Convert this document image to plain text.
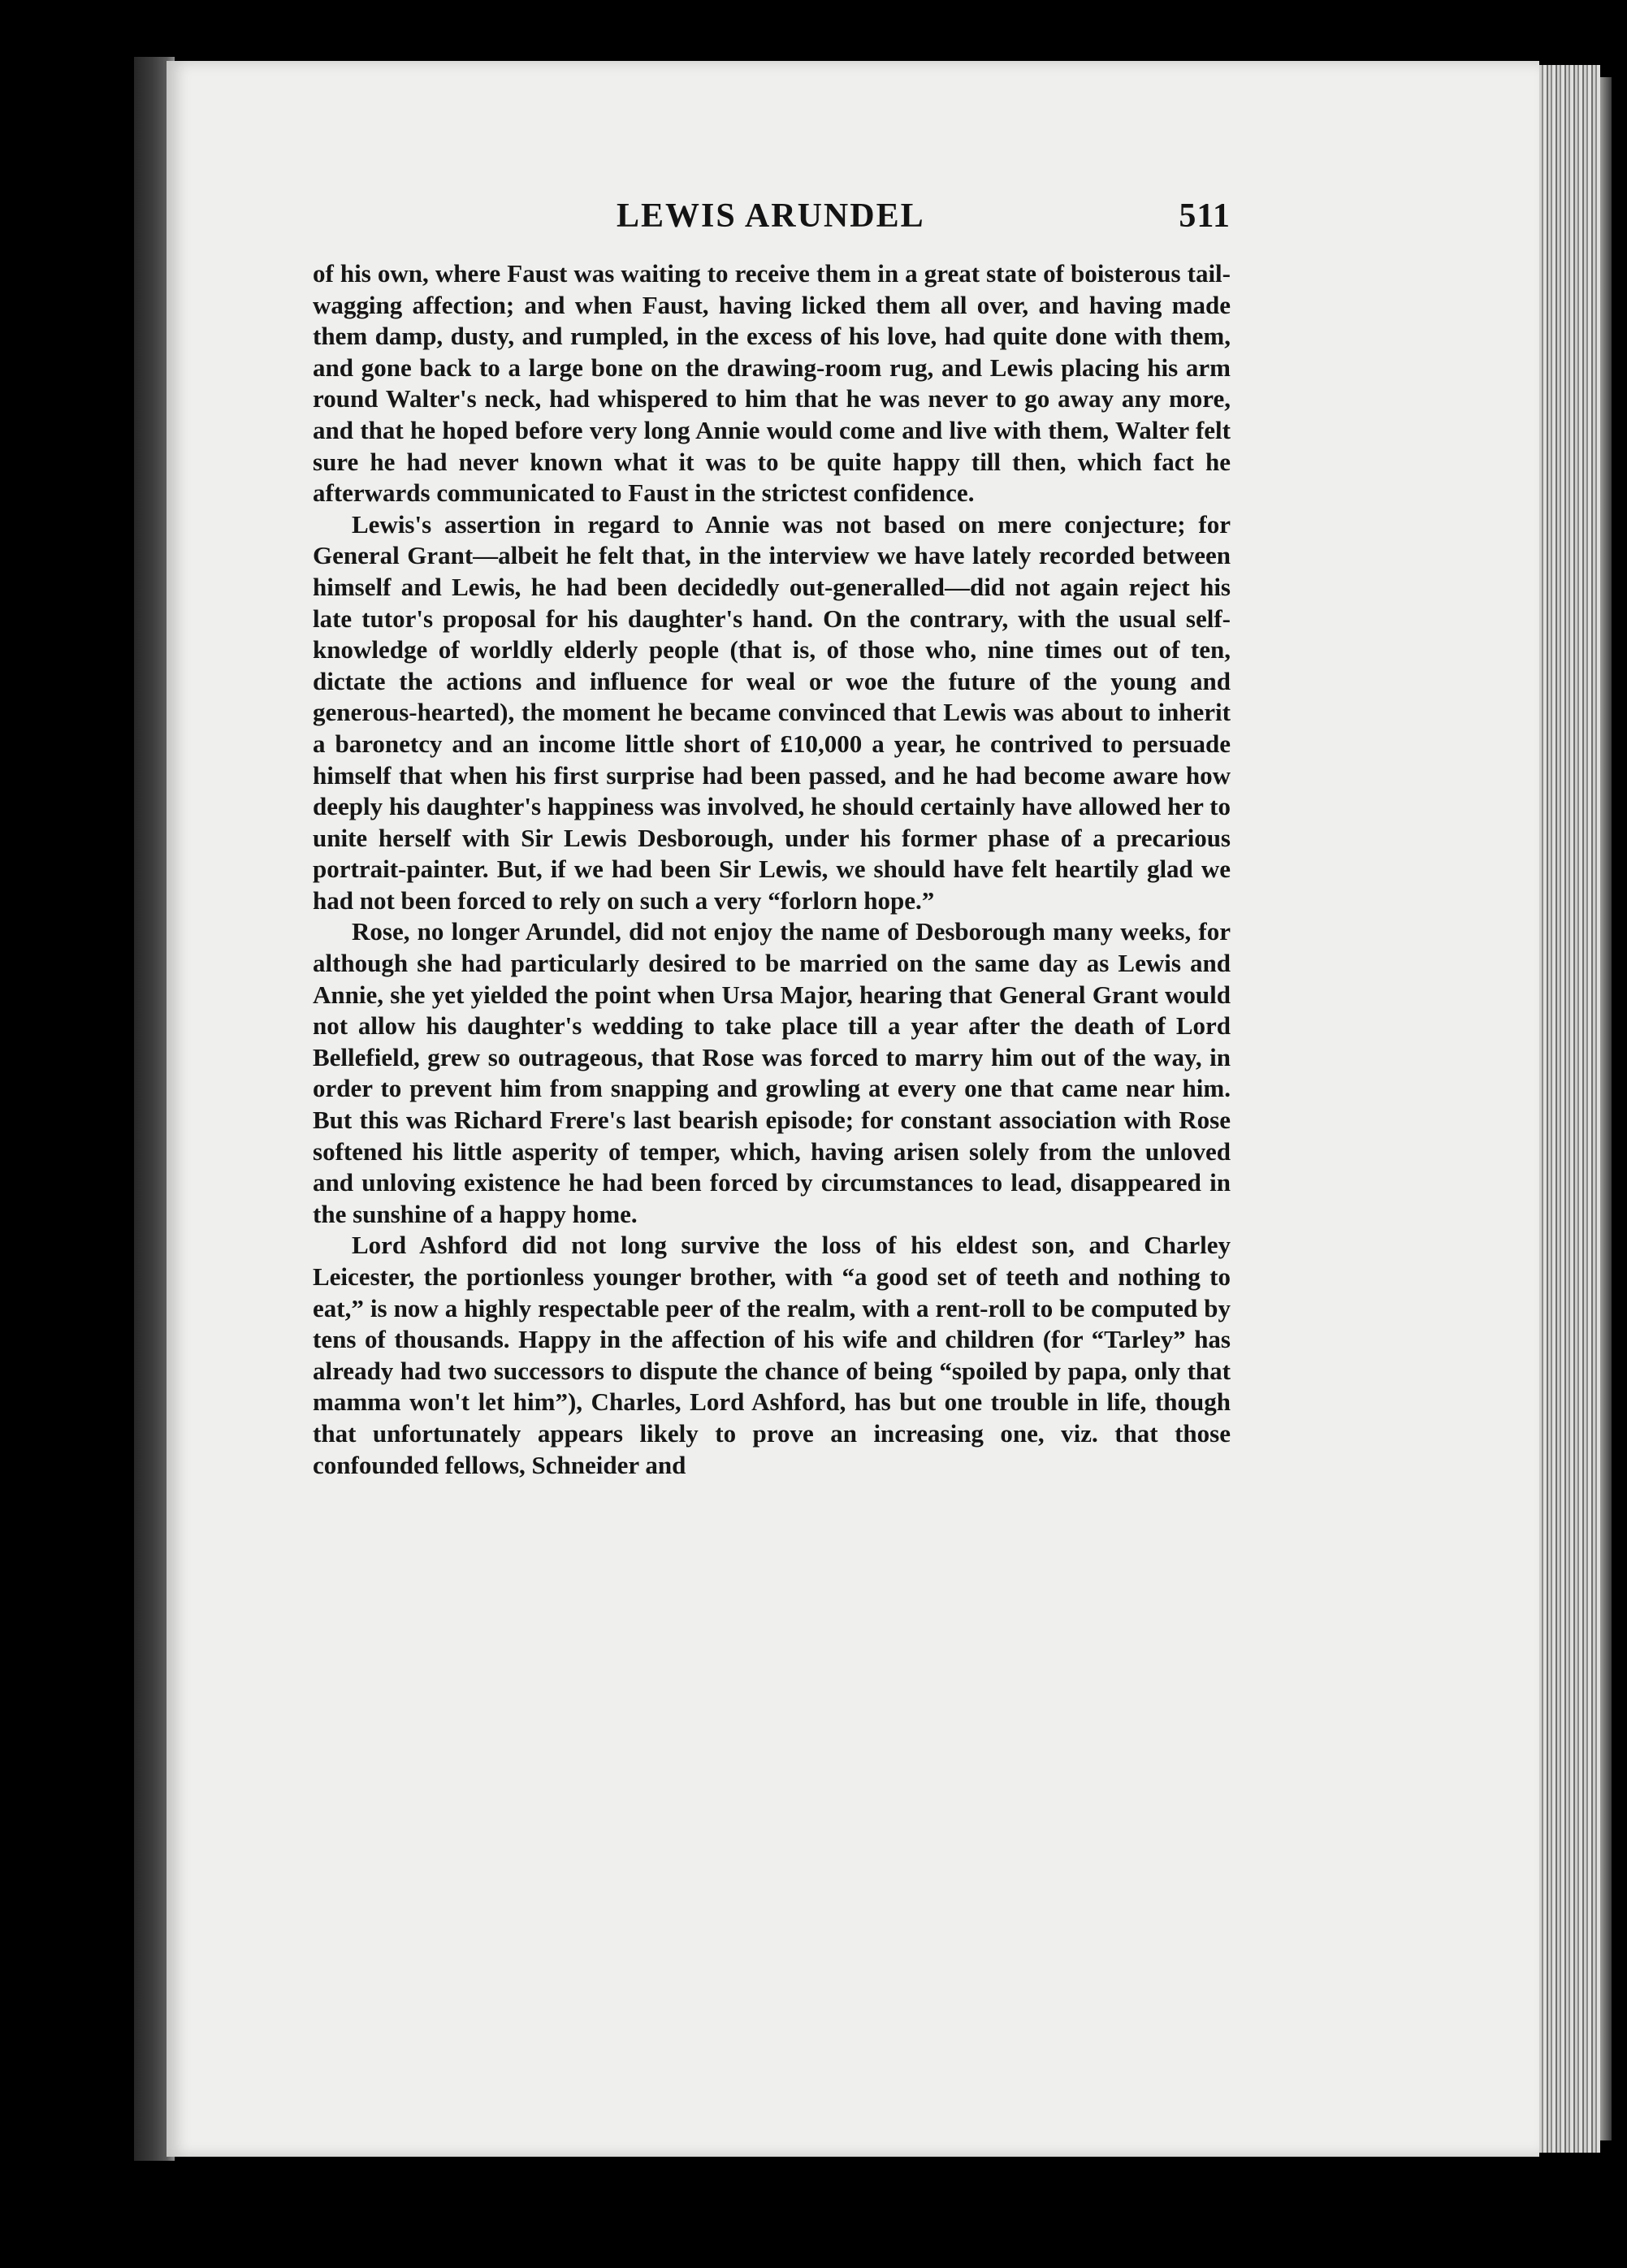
LEWIS ARUNDEL	511

of his own, where Faust was waiting to receive them in a great state of boisterous tail-wagging affection; and when Faust, having licked them all over, and having made them damp, dusty, and rumpled, in the excess of his love, had quite done with them, and gone back to a large bone on the drawing-room rug, and Lewis placing his arm round Walter's neck, had whispered to him that he was never to go away any more, and that he hoped before very long Annie would come and live with them, Walter felt sure he had never known what it was to be quite happy till then, which fact he afterwards communicated to Faust in the strictest confidence.

Lewis's assertion in regard to Annie was not based on mere conjecture; for General Grant—albeit he felt that, in the interview we have lately recorded between himself and Lewis, he had been decidedly out-generalled—did not again reject his late tutor's proposal for his daughter's hand. On the contrary, with the usual self-knowledge of worldly elderly people (that is, of those who, nine times out of ten, dictate the actions and influence for weal or woe the future of the young and generous-hearted), the moment he became convinced that Lewis was about to inherit a baronetcy and an income little short of £10,000 a year, he contrived to persuade himself that when his first surprise had been passed, and he had become aware how deeply his daughter's happiness was involved, he should certainly have allowed her to unite herself with Sir Lewis Desborough, under his former phase of a precarious portrait-painter. But, if we had been Sir Lewis, we should have felt heartily glad we had not been forced to rely on such a very “forlorn hope.”

Rose, no longer Arundel, did not enjoy the name of Desborough many weeks, for although she had particularly desired to be married on the same day as Lewis and Annie, she yet yielded the point when Ursa Major, hearing that General Grant would not allow his daughter's wedding to take place till a year after the death of Lord Bellefield, grew so outrageous, that Rose was forced to marry him out of the way, in order to prevent him from snapping and growling at every one that came near him. But this was Richard Frere's last bearish episode; for constant association with Rose softened his little asperity of temper, which, having arisen solely from the unloved and unloving existence he had been forced by circumstances to lead, disappeared in the sunshine of a happy home.

Lord Ashford did not long survive the loss of his eldest son, and Charley Leicester, the portionless younger brother, with “a good set of teeth and nothing to eat,” is now a highly respectable peer of the realm, with a rent-roll to be computed by tens of thousands. Happy in the affection of his wife and children (for “Tarley” has already had two successors to dispute the chance of being “spoiled by papa, only that mamma won't let him”), Charles, Lord Ashford, has but one trouble in life, though that unfortunately appears likely to prove an increasing one, viz. that those confounded fellows, Schneider and
